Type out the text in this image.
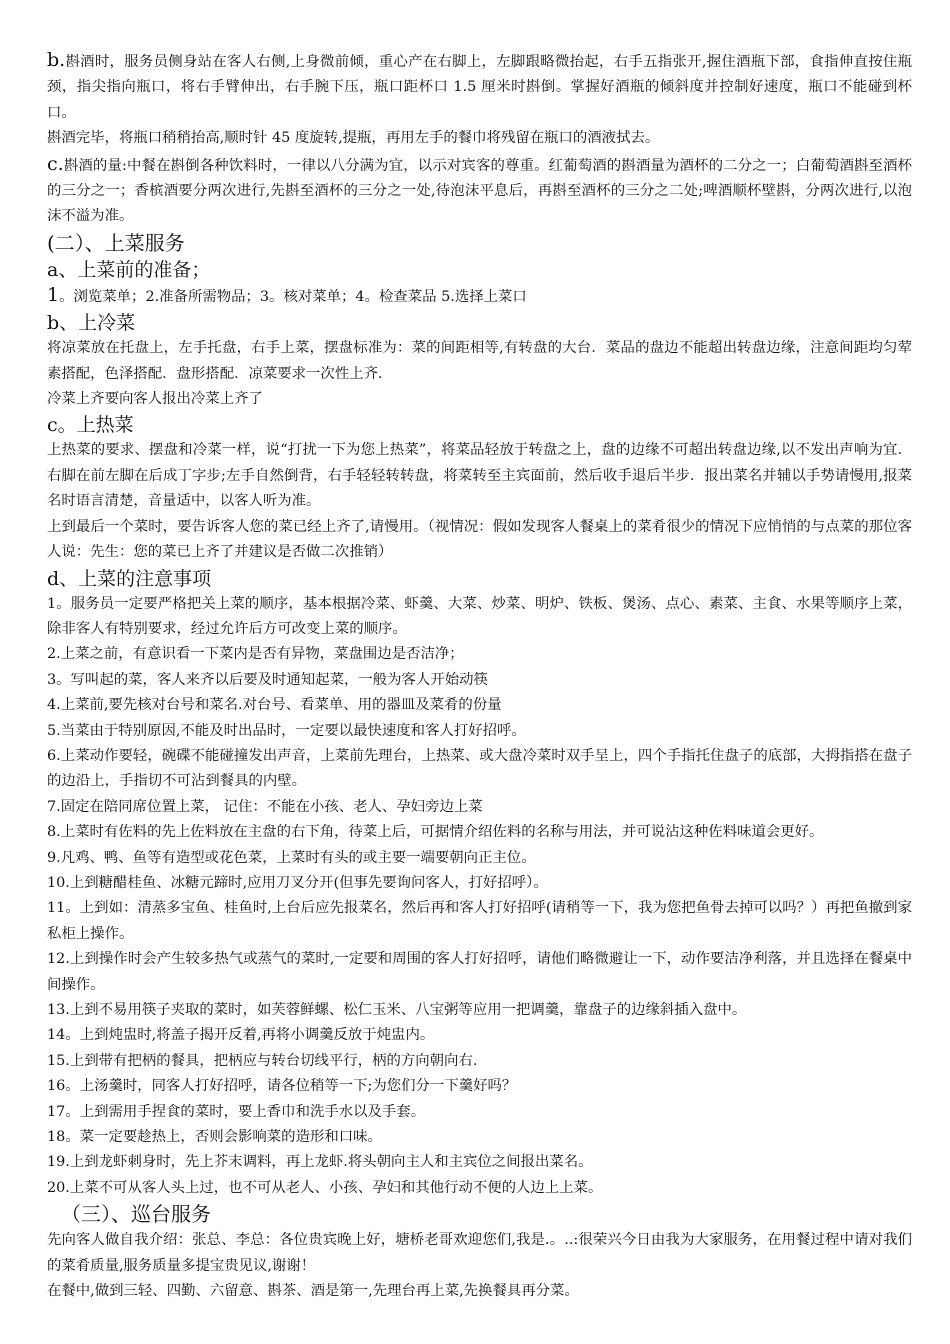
b.斟酒时，服务员侧身站在客人右侧,上身微前倾，重心产在右脚上，左脚跟略微抬起，右手五指张开,握住酒瓶下部，食指伸直按住瓶颈，指尖指向瓶口，将右手臂伸出，右手腕下压，瓶口距杯口 1.5 厘米时斟倒。掌握好酒瓶的倾斜度并控制好速度，瓶口不能碰到杯口。

斟酒完毕，将瓶口稍稍抬高,顺时针 45 度旋转,提瓶，再用左手的餐巾将残留在瓶口的酒液拭去。

c.斟酒的量:中餐在斟倒各种饮料时，一律以八分满为宜，以示对宾客的尊重。红葡萄酒的斟酒量为酒杯的二分之一；白葡萄酒斟至酒杯的三分之一；香槟酒要分两次进行,先斟至酒杯的三分之一处,待泡沫平息后，再斟至酒杯的三分之二处;啤酒顺杯壁斟，分两次进行,以泡沫不溢为准。

(二）、上菜服务
a、上菜前的准备；

1。浏览菜单；2.准备所需物品；3。核对菜单；4。检查菜品 5.选择上菜口

b、上冷菜

将凉菜放在托盘上，左手托盘，右手上菜，摆盘标准为：菜的间距相等,有转盘的大台．菜品的盘边不能超出转盘边缘，注意间距均匀荤素搭配，色泽搭配．盘形搭配．凉菜要求一次性上齐．

冷菜上齐要向客人报出冷菜上齐了

c。上热菜

上热菜的要求、摆盘和冷菜一样，说“打扰一下为您上热菜”，将菜品轻放于转盘之上，盘的边缘不可超出转盘边缘,以不发出声响为宜．右脚在前左脚在后成丁字步;左手自然倒背，右手轻轻转转盘，将菜转至主宾面前，然后收手退后半步．报出菜名并辅以手势请慢用,报菜名时语言清楚，音量适中，以客人听为准。

上到最后一个菜时，要告诉客人您的菜已经上齐了,请慢用。（视情况：假如发现客人餐桌上的菜肴很少的情况下应悄悄的与点菜的那位客人说：先生：您的菜已上齐了并建议是否做二次推销）

d、上菜的注意事项

1。服务员一定要严格把关上菜的顺序，基本根据冷菜、虾羹、大菜、炒菜、明炉、铁板、煲汤、点心、素菜、主食、水果等顺序上菜，除非客人有特别要求，经过允许后方可改变上菜的顺序。

2.上菜之前，有意识看一下菜内是否有异物，菜盘围边是否洁净；

3。写叫起的菜，客人来齐以后要及时通知起菜，一般为客人开始动筷

4.上菜前,要先核对台号和菜名.对台号、看菜单、用的器皿及菜肴的份量

5.当菜由于特别原因,不能及时出品时，一定要以最快速度和客人打好招呼。

6.上菜动作要轻，碗碟不能碰撞发出声音，上菜前先理台，上热菜、或大盘冷菜时双手呈上，四个手指托住盘子的底部，大拇指搭在盘子的边沿上，手指切不可沾到餐具的内壁。

7.固定在陪同席位置上菜， 记住：不能在小孩、老人、孕妇旁边上菜

8.上菜时有佐料的先上佐料放在主盘的右下角，待菜上后，可据情介绍佐料的名称与用法，并可说沾这种佐料味道会更好。

9.凡鸡、鸭、鱼等有造型或花色菜，上菜时有头的或主要一端要朝向正主位。

10.上到糖醋桂鱼、冰糖元蹄时,应用刀叉分开(但事先要询问客人，打好招呼）。

11。上到如：清蒸多宝鱼、桂鱼时,上台后应先报菜名，然后再和客人打好招呼(请稍等一下，我为您把鱼骨去掉可以吗？）再把鱼撤到家私柜上操作。

12.上到操作时会产生较多热气或蒸气的菜时,一定要和周围的客人打好招呼，请他们略微避让一下，动作要洁净利落，并且选择在餐桌中间操作。

13.上到不易用筷子夹取的菜时，如芙蓉鲜螺、松仁玉米、八宝粥等应用一把调羹，靠盘子的边缘斜插入盘中。

14。上到炖盅时,将盖子揭开反着,再将小调羹反放于炖盅内。

15.上到带有把柄的餐具，把柄应与转台切线平行，柄的方向朝向右.

16。上汤羹时，同客人打好招呼，请各位稍等一下;为您们分一下羹好吗？

17。上到需用手捏食的菜时，要上香巾和洗手水以及手套。

18。菜一定要趁热上，否则会影响菜的造形和口味。

19.上到龙虾刺身时，先上芥末调料，再上龙虾.将头朝向主人和主宾位之间报出菜名。

20.上菜不可从客人头上过，也不可从老人、小孩、孕妇和其他行动不便的人边上上菜。

（三）、巡台服务

先向客人做自我介绍：张总、李总：各位贵宾晚上好，塘桥老哥欢迎您们,我是.。..:很荣兴今日由我为大家服务，在用餐过程中请对我们的菜肴质量,服务质量多提宝贵见议,谢谢！

在餐中,做到三轻、四勤、六留意、斟茶、酒是第一,先理台再上菜,先换餐具再分菜。
